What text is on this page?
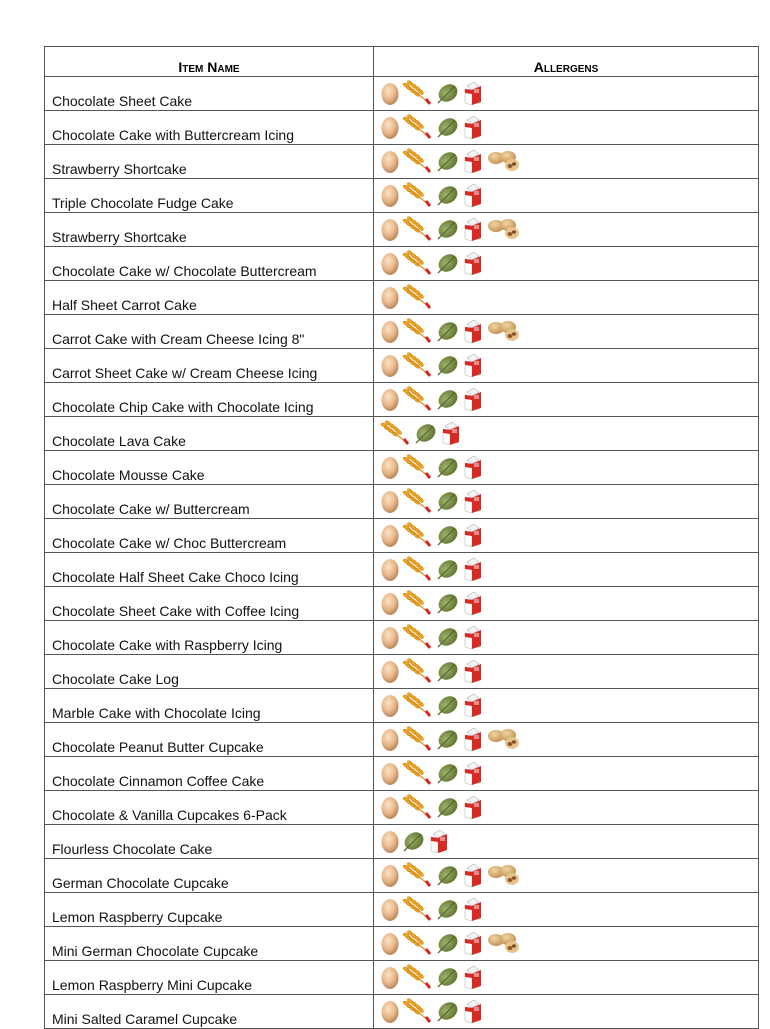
Item Name	Allergens
Chocolate Sheet Cake	

Chocolate Cake with Buttercream Icing	

Strawberry Shortcake	

Triple Chocolate Fudge Cake	

Strawberry Shortcake	

Chocolate Cake w/ Chocolate Buttercream	

Half Sheet Carrot Cake	

Carrot Cake with Cream Cheese Icing 8"	

Carrot Sheet Cake w/ Cream Cheese Icing	

Chocolate Chip Cake with Chocolate Icing	

Chocolate Lava Cake	

Chocolate Mousse Cake	

Chocolate Cake w/ Buttercream	

Chocolate Cake w/ Choc Buttercream	

Chocolate Half Sheet Cake Choco Icing	

Chocolate Sheet Cake with Coffee Icing	

Chocolate Cake with Raspberry Icing	

Chocolate Cake Log	

Marble Cake with Chocolate Icing	

Chocolate Peanut Butter Cupcake	

Chocolate Cinnamon Coffee Cake	

Chocolate & Vanilla Cupcakes 6-Pack	

Flourless Chocolate Cake	

German Chocolate Cupcake	

Lemon Raspberry Cupcake	

Mini German Chocolate Cupcake	

Lemon Raspberry Mini Cupcake	

Mini Salted Caramel Cupcake	
